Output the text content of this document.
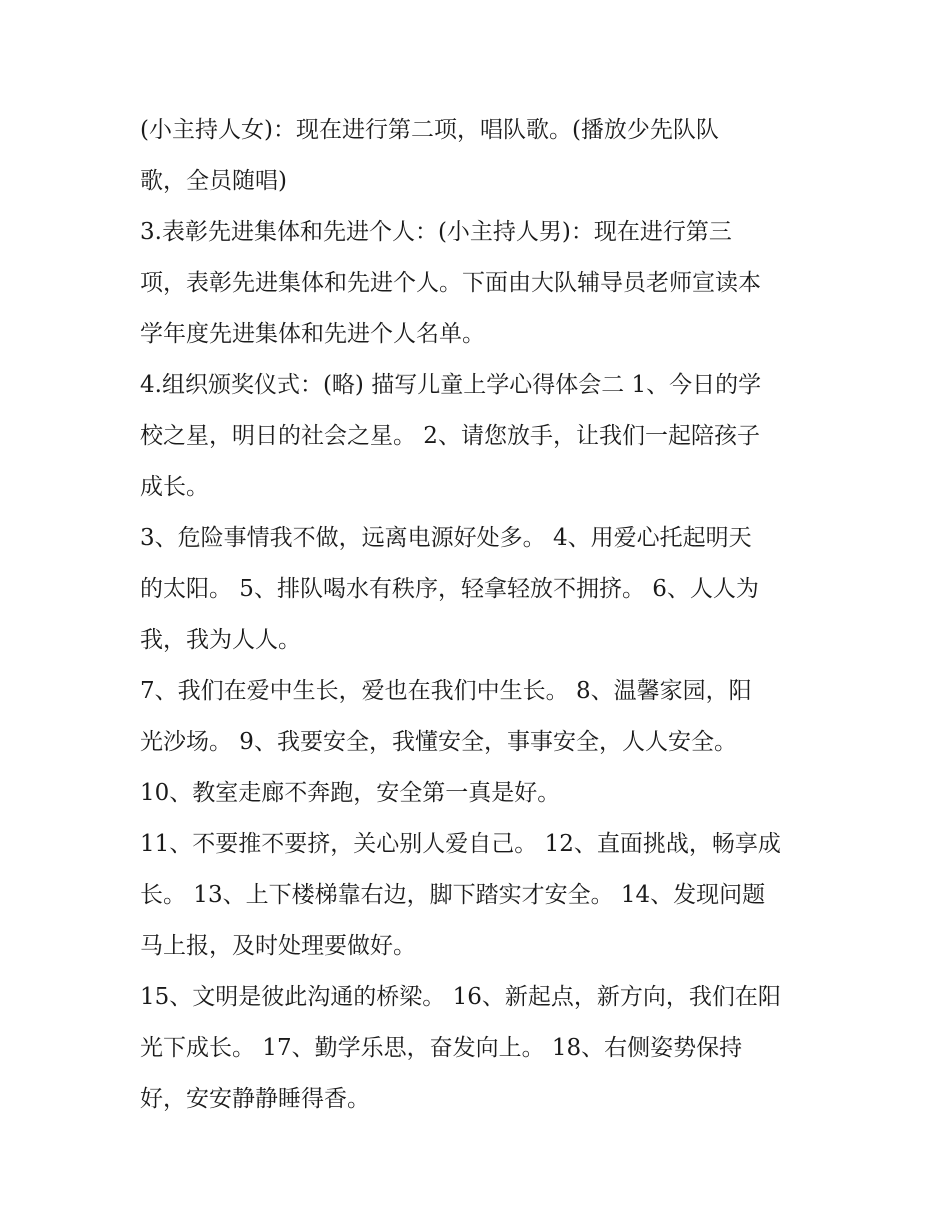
(小主持人女)：现在进行第二项，唱队歌。(播放少先队队
歌，全员随唱)
3.表彰先进集体和先进个人：(小主持人男)：现在进行第三
项，表彰先进集体和先进个人。下面由大队辅导员老师宣读本
学年度先进集体和先进个人名单。
4.组织颁奖仪式：(略) 描写儿童上学心得体会二 1、今日的学
校之星，明日的社会之星。 2、请您放手，让我们一起陪孩子
成长。
3、危险事情我不做，远离电源好处多。 4、用爱心托起明天
的太阳。 5、排队喝水有秩序，轻拿轻放不拥挤。 6、人人为
我，我为人人。
7、我们在爱中生长，爱也在我们中生长。 8、温馨家园，阳
光沙场。 9、我要安全，我懂安全，事事安全，人人安全。
10、教室走廊不奔跑，安全第一真是好。
11、不要推不要挤，关心别人爱自己。 12、直面挑战，畅享成
长。 13、上下楼梯靠右边，脚下踏实才安全。 14、发现问题
马上报，及时处理要做好。
15、文明是彼此沟通的桥梁。 16、新起点，新方向，我们在阳
光下成长。 17、勤学乐思，奋发向上。 18、右侧姿势保持
好，安安静静睡得香。
